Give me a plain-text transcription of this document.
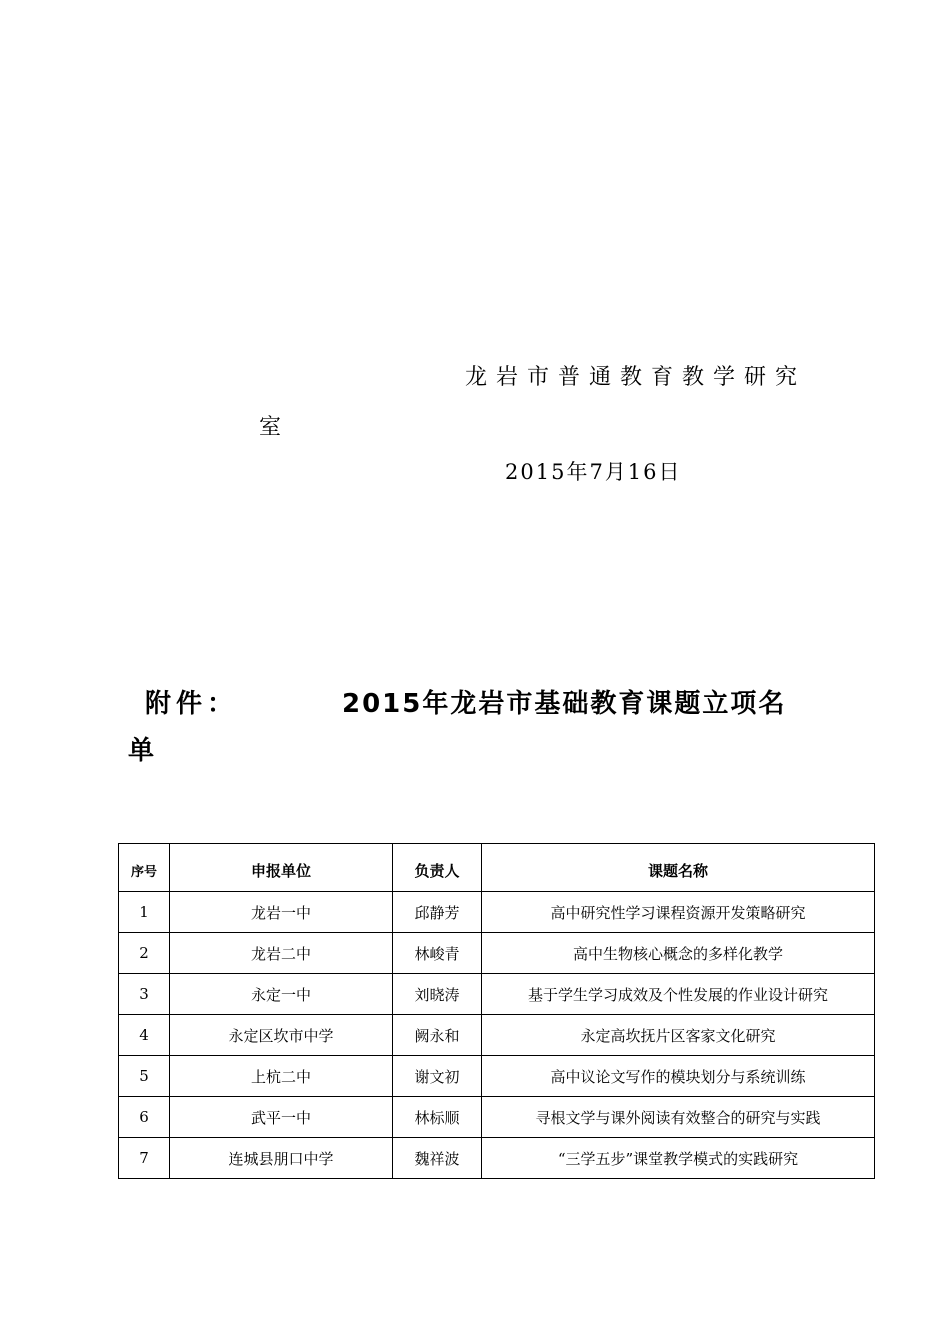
龙岩市普通教育教学研究
室
2015年7月16日
附件：	2015年龙岩市基础教育课题立项名
单
序号	申报单位	负责人	课题名称
1	龙岩一中	邱静芳	高中研究性学习课程资源开发策略研究
2	龙岩二中	林峻青	高中生物核心概念的多样化教学
3	永定一中	刘晓涛	基于学生学习成效及个性发展的作业设计研究
4	永定区坎市中学	阙永和	永定高坎抚片区客家文化研究
5	上杭二中	谢文初	高中议论文写作的模块划分与系统训练
6	武平一中	林标顺	寻根文学与课外阅读有效整合的研究与实践
7	连城县朋口中学	魏祥波	“三学五步”课堂教学模式的实践研究
